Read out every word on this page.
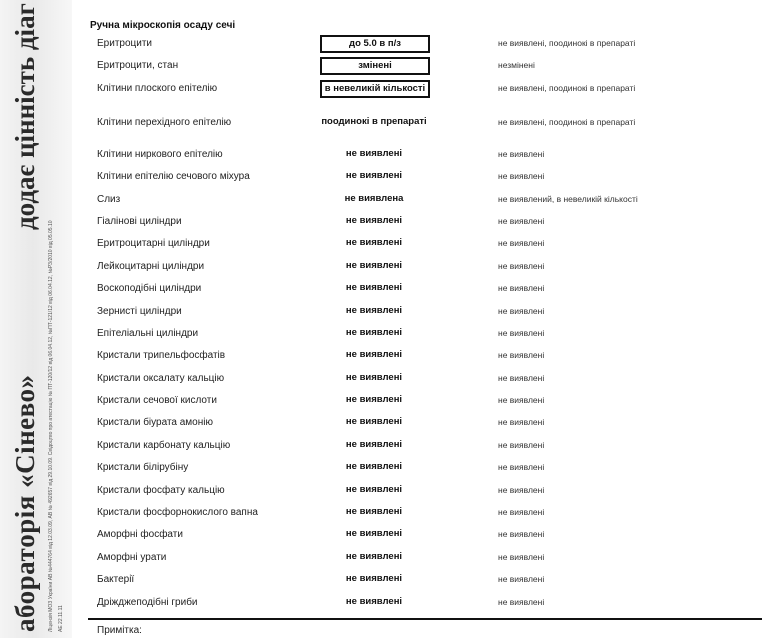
додає цінність діаг
Ліцензія МОЗ України АВ №444764 від 12.03.09, АВ № 492657 від 29.10.09. Свідоцтво про атестацію № ПТ-120/12 від 06.04.12, №ПТ-121/12 від 06.04.12, №РЗ/2010 від 05.05.10 АЕ 22.11.11
аборатoрія «Сінево»
Ручна мікроскопія осаду сечі
Еритроцити	до 5.0 в п/з	не виявлені, поодинокі в препараті
Еритроцити, стан	змінені	незмінені
Клітини плоского епітелію	в невеликій кількості	не виявлені, поодинокі в препараті
Клітини перехідного епітелію	поодинокі в препараті	не виявлені, поодинокі в препараті
Клітини ниркового епітелію	не виявлені	не виявлені
Клітини епітелію сечового міхура	не виявлені	не виявлені
Слиз	не виявлена	не виявлений, в невеликій кількості
Гіалінові циліндри	не виявлені	не виявлені
Еритроцитарні циліндри	не виявлені	не виявлені
Лейкоцитарні циліндри	не виявлені	не виявлені
Воскоподібні циліндри	не виявлені	не виявлені
Зернисті циліндри	не виявлені	не виявлені
Епітеліальні циліндри	не виявлені	не виявлені
Кристали трипельфосфатів	не виявлені	не виявлені
Кристали оксалату кальцію	не виявлені	не виявлені
Кристали сечової кислоти	не виявлені	не виявлені
Кристали біурата амонію	не виявлені	не виявлені
Кристали карбонату кальцію	не виявлені	не виявлені
Кристали білірубіну	не виявлені	не виявлені
Кристали фосфату кальцію	не виявлені	не виявлені
Кристали фосфорнокислого вапна	не виявлені	не виявлені
Аморфні фосфати	не виявлені	не виявлені
Аморфні урати	не виявлені	не виявлені
Бактерії	не виявлені	не виявлені
Дріжджеподібні гриби	не виявлені	не виявлені
Примітка:
